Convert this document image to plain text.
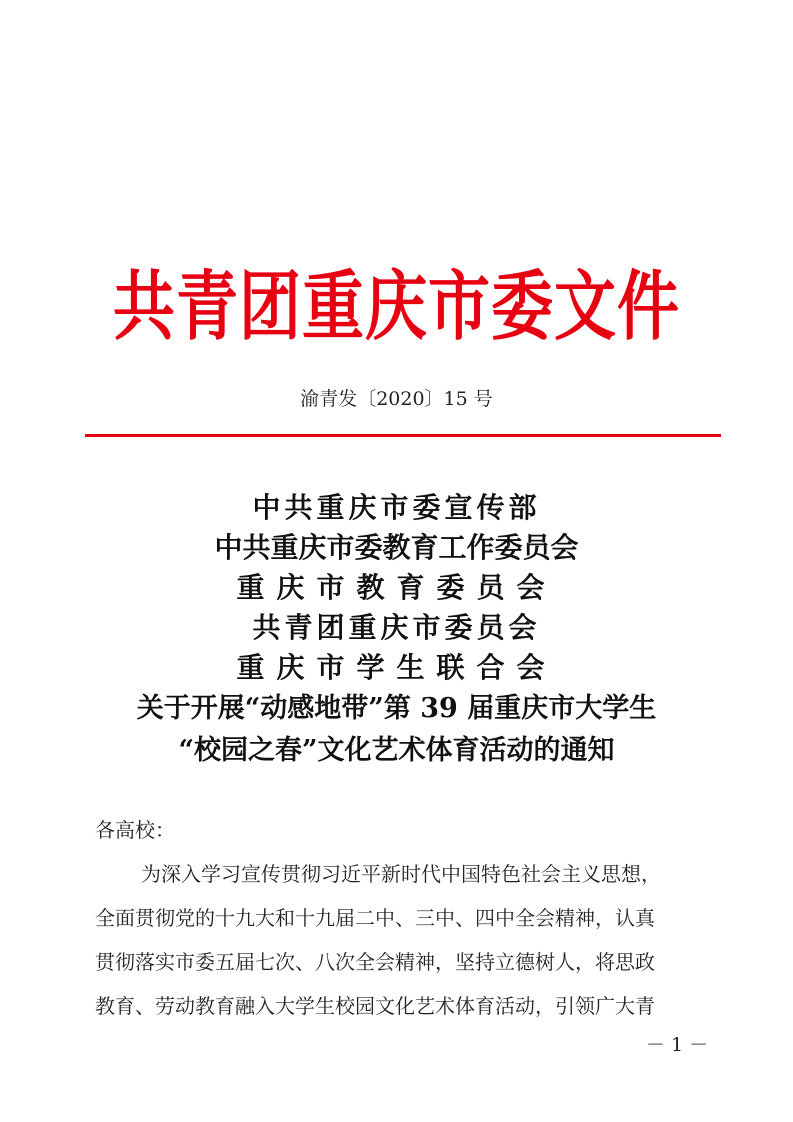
共青团重庆市委文件
渝青发〔2020〕15 号
中共重庆市委宣传部
中共重庆市委教育工作委员会
重庆市教育委员会
共青团重庆市委员会
重庆市学生联合会
关于开展“动感地带”第 39 届重庆市大学生
“校园之春”文化艺术体育活动的通知
各高校：
为深入学习宣传贯彻习近平新时代中国特色社会主义思想，
全面贯彻党的十九大和十九届二中、三中、四中全会精神，认真
贯彻落实市委五届七次、八次全会精神，坚持立德树人，将思政
教育、劳动教育融入大学生校园文化艺术体育活动，引领广大青
－ 1 －
